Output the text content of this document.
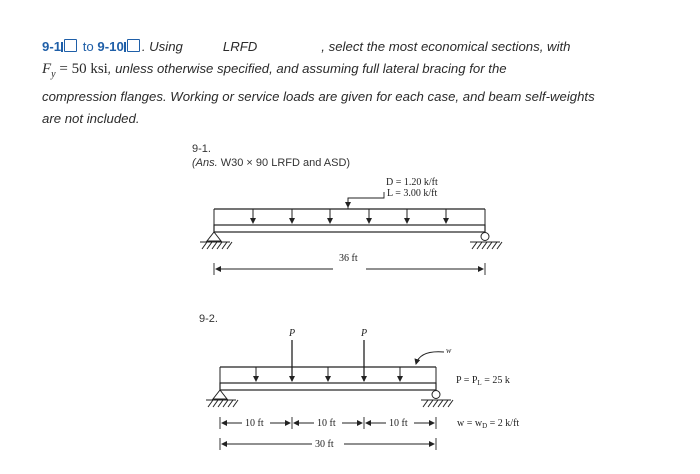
9-1 to 9-10 . Using	LRFD	, select the most economical sections, with
$F_y = 50$ ksi, unless otherwise specified, and assuming full lateral bracing for the
compression flanges. Working or service loads are given for each case, and beam self-weights
are not included.
9-1.
(Ans. W30 × 90 LRFD and ASD)
9-2.
D = 1.20 k/ft
L = 3.00 k/ft
36 ft
P	P
w
$P = P_L = 25$ k
$w = w_D = 2$ k/ft
10 ft	10 ft	10 ft
30 ft
